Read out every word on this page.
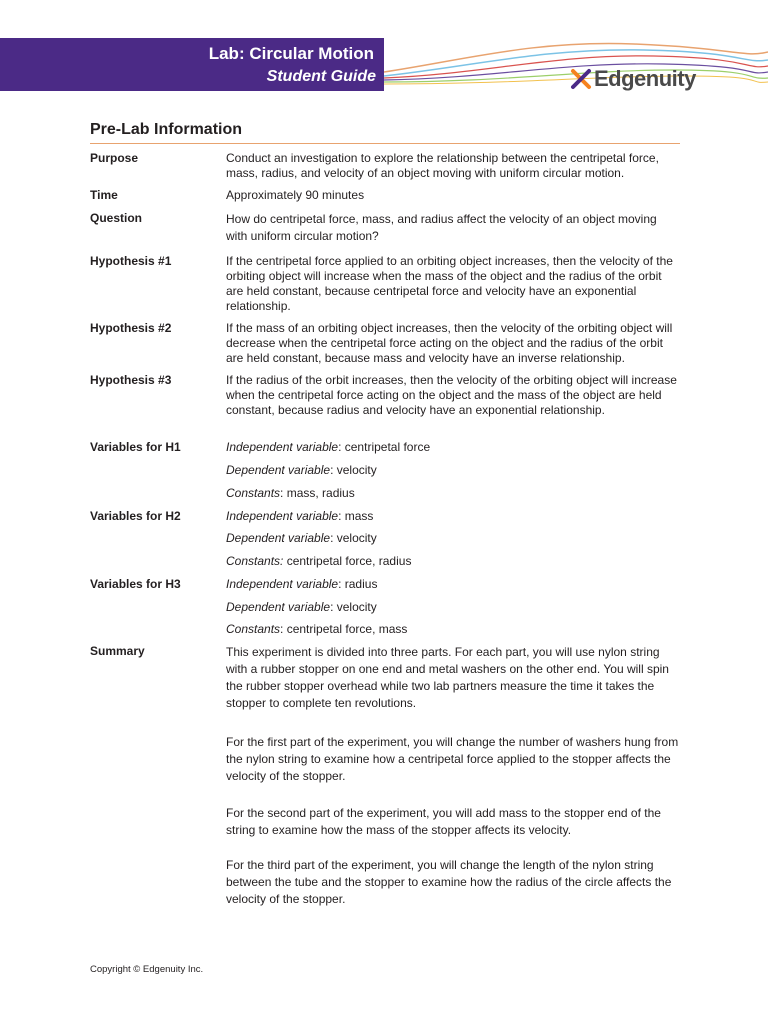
Lab: Circular Motion
Student Guide	Edgenuity
Pre-Lab Information
Purpose	Conduct an investigation to explore the relationship between the centripetal force, mass, radius, and velocity of an object moving with uniform circular motion.
Time	Approximately 90 minutes
Question	How do centripetal force, mass, and radius affect the velocity of an object moving with uniform circular motion?
Hypothesis #1	If the centripetal force applied to an orbiting object increases, then the velocity of the orbiting object will increase when the mass of the object and the radius of the orbit are held constant, because centripetal force and velocity have an exponential relationship.
Hypothesis #2	If the mass of an orbiting object increases, then the velocity of the orbiting object will decrease when the centripetal force acting on the object and the radius of the orbit are held constant, because mass and velocity have an inverse relationship.
Hypothesis #3	If the radius of the orbit increases, then the velocity of the orbiting object will increase when the centripetal force acting on the object and the mass of the object are held constant, because radius and velocity have an exponential relationship.
Variables for H1	Independent variable: centripetal force
Dependent variable: velocity
Constants: mass, radius
Variables for H2	Independent variable: mass
Dependent variable: velocity
Constants: centripetal force, radius
Variables for H3	Independent variable: radius
Dependent variable: velocity
Constants: centripetal force, mass
Summary	This experiment is divided into three parts. For each part, you will use nylon string with a rubber stopper on one end and metal washers on the other end. You will spin the rubber stopper overhead while two lab partners measure the time it takes the stopper to complete ten revolutions.
For the first part of the experiment, you will change the number of washers hung from the nylon string to examine how a centripetal force applied to the stopper affects the velocity of the stopper.
For the second part of the experiment, you will add mass to the stopper end of the string to examine how the mass of the stopper affects its velocity.
For the third part of the experiment, you will change the length of the nylon string between the tube and the stopper to examine how the radius of the circle affects the velocity of the stopper.
Copyright © Edgenuity Inc.
